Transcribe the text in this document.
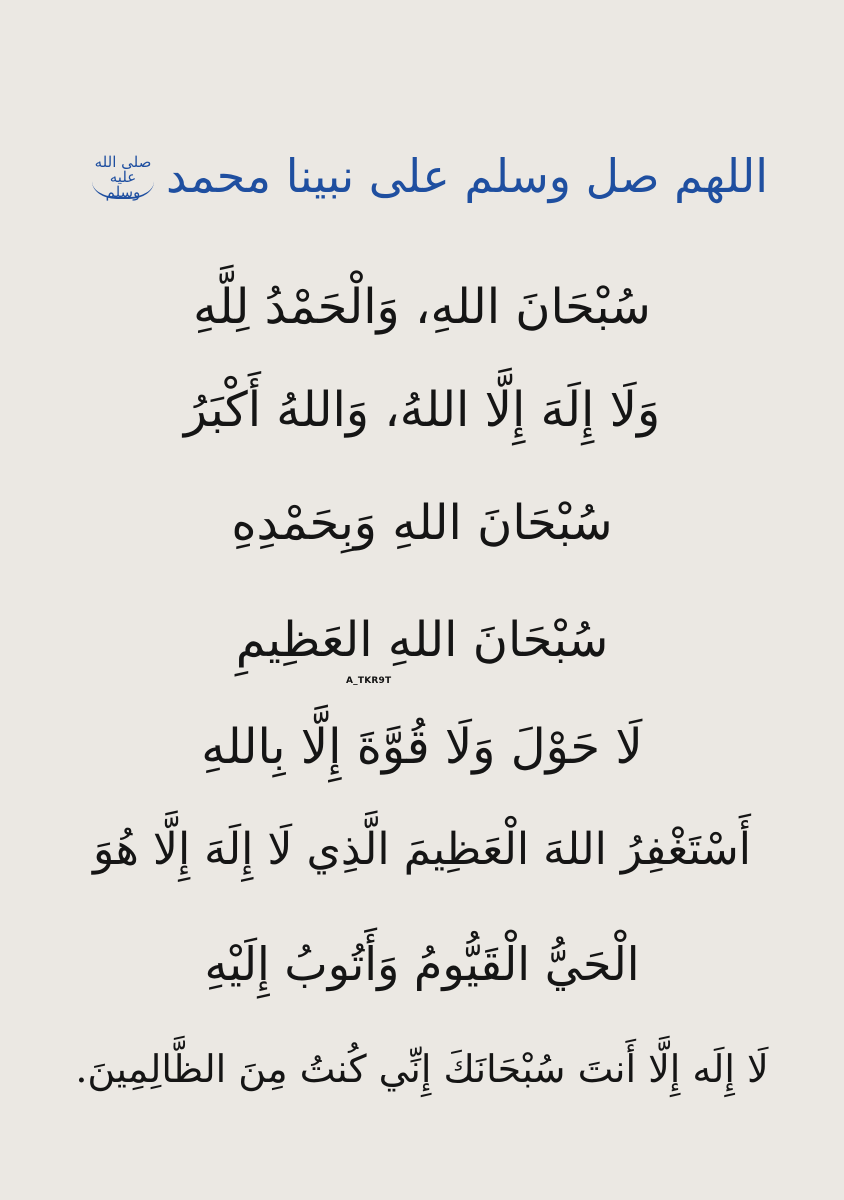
اللهم صل وسلم على نبينا محمد
صلى الله عليه وسلم
سُبْحَانَ اللهِ، وَالْحَمْدُ لِلَّهِ
وَلَا إِلَهَ إِلَّا اللهُ، وَاللهُ أَكْبَرُ
سُبْحَانَ اللهِ وَبِحَمْدِهِ
سُبْحَانَ اللهِ العَظِيمِ
A_TKR9T
لَا حَوْلَ وَلَا قُوَّةَ إِلَّا بِاللهِ
أَسْتَغْفِرُ اللهَ الْعَظِيمَ الَّذِي لَا إِلَهَ إِلَّا هُوَ
الْحَيُّ الْقَيُّومُ وَأَتُوبُ إِلَيْهِ
لَا إِلَه إِلَّا أَنتَ سُبْحَانَكَ إِنِّي كُنتُ مِنَ الظَّالِمِينَ.
